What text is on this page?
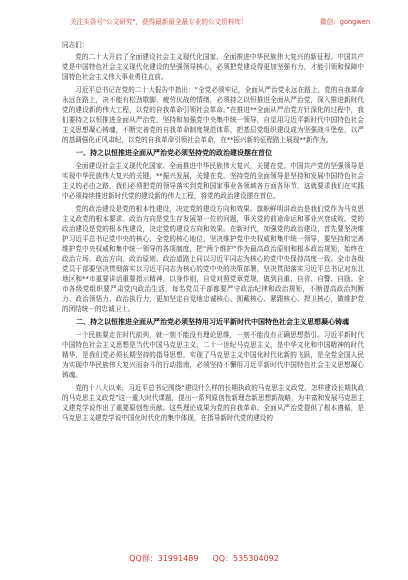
关注头条号"公文研究"，获得最新最全最专业的公文资料库！	微信：gongwen
同志们：

党的二十大开启了全面建设社会主义现代化国家、全面推进中华民族伟大复兴的新征程。中国共产党是中国特色社会主义现代化建设的坚强领导核心，必须把党建设得更加坚强有力，才能引领和保障中国特色社会主义伟大事业勇往直前。

习近平总书记在党的二十大报告中指出：“全党必须牢记，全面从严治党永远在路上，党的自我革命永远在路上，决不能有松劲歇脚、疲劳厌战的情绪，必须持之以恒推进全面从严治党，深入推进新时代党的建设新的伟大工程，以党的自我革命引领社会革命。”在推进**全面从严治党方针深化的过程中，我们要持之以恒推进全面从严治党，坚持和加强党中央集中统一领导，自觉用习近平新时代中国特色社会主义思想凝心铸魂，不断完善党的自我革命制度规范体系，把基层党组织建设成为坚强战斗堡垒，以严的基调强化正风肃纪，以党的自我革命引领社会革命，在**振兴新的征程路上展现**新作为。

一、持之以恒推进全面从严治党必须坚持党的政治建设摆在首位

全面建设社会主义现代化国家、全面推进中华民族伟大复兴，关键在党。中国共产党的坚强领导是实现中华民族伟大复兴的关键，**振兴发展，关键在党。坚持党的全面领导是坚持和发展中国特色社会主义的必由之路，我们必须把党的领导落实到党和国家事业各领域各方面各环节，这就要求我们在实践中必须持续推进新时代党的建设新的伟大工程，将党的政治建设摆在首位。

党的政治建设是党的根本性建设，决定党的建设方向和效果。旗帜鲜明讲政治是我们党作为马克思主义政党的根本要求。政治方向是党生存发展第一位的问题，事关党的前途命运和事业兴衰成败。党的政治建设是党的根本性建设，决定党的建设方向和效果。在新时代，加强党的政治建设，首先要坚决维护习近平总书记党中央的核心、全党的核心地位，坚决维护党中央权威和集中统一领导，要坚持和完善维护党中央权威和集中统一领导的各项制度，把“两个维护”作为最高政治原则和根本政治规矩，始终在政治立场、政治方向、政治原则、政治道路上同以习近平同志为核心的党中央保持高度一致。全市各级党员干部要坚决贯彻落实以习近平同志为核心的党中央的决策部署，坚决贯彻落实习近平总书记对东北地区和**市重要讲话重要指示精神，以身作则，自觉对照党章党规，做到自重、自省、自警、自励。全市各级党组织要严肃党内政治生活，每名党员干部都要严守政治纪律和政治规矩，不断提高政治判断力、政治领悟力、政治执行力，更加坚定自觉地忠诚核心、拥戴核心、紧跟核心、捍卫核心，做维护党的团结统一的忠诚卫士。

二、持之以恒推进全面从严治党必须坚持用习近平新时代中国特色社会主义思想凝心铸魂

一个民族要走在时代前列，就一刻不能没有理论思维，一刻不能没有正确思想指引。习近平新时代中国特色社会主义思想是当代中国马克思主义、二十一世纪马克思主义，是中华文化和中国精神的时代精华，是我们党必须长期坚持的指导思想，实现了马克思主义中国化时代化新的飞跃，是全党全国人民为实现中华民族伟大复兴而奋斗的行动指南，必须坚持不懈用习近平新时代中国特色社会主义思想凝心铸魂。

党的十八大以来，习近平总书记围绕“建设什么样的长期执政的马克思主义政党、怎样建设长期执政的马克思主义政党”这一重大时代课题，提出一系列原创性新理念新思想新战略，为丰富和发展马克思主义建党学说作出了重要原创性贡献。这些理论成果为党的自我革命、全面从严治党提供了根本遵循，是马克思主义建党学说中国化时代化的集中体现，在指导新时代党的建设的

QQ群：31991489 QQ：535304092
